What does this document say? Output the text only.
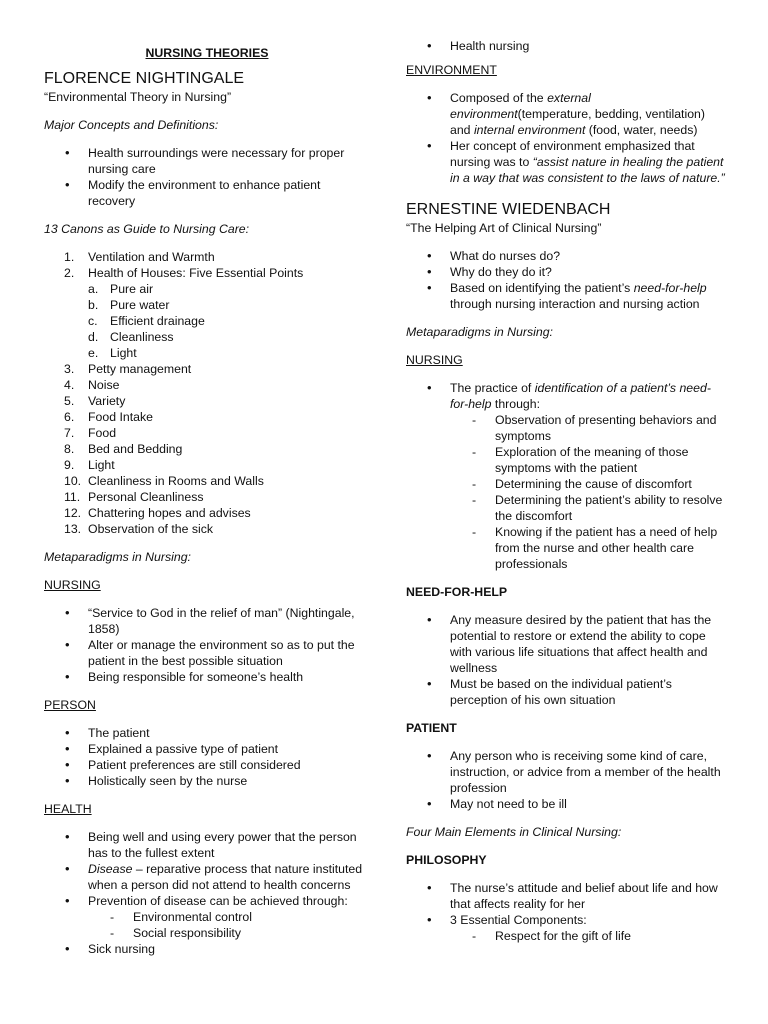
NURSING THEORIES
FLORENCE NIGHTINGALE
“Environmental Theory in Nursing”
Major Concepts and Definitions:
• Health surroundings were necessary for proper nursing care
• Modify the environment to enhance patient recovery
13 Canons as Guide to Nursing Care:
1. Ventilation and Warmth
2. Health of Houses: Five Essential Points
a. Pure air
b. Pure water
c. Efficient drainage
d. Cleanliness
e. Light
3. Petty management
4. Noise
5. Variety
6. Food Intake
7. Food
8. Bed and Bedding
9. Light
10. Cleanliness in Rooms and Walls
11. Personal Cleanliness
12. Chattering hopes and advises
13. Observation of the sick
Metaparadigms in Nursing:
NURSING
• “Service to God in the relief of man” (Nightingale, 1858)
• Alter or manage the environment so as to put the patient in the best possible situation
• Being responsible for someone’s health
PERSON
• The patient
• Explained a passive type of patient
• Patient preferences are still considered
• Holistically seen by the nurse
HEALTH
• Being well and using every power that the person has to the fullest extent
• Disease – reparative process that nature instituted when a person did not attend to health concerns
• Prevention of disease can be achieved through:
- Environmental control
- Social responsibility
• Sick nursing
• Health nursing
ENVIRONMENT
• Composed of the external environment(temperature, bedding, ventilation) and internal environment (food, water, needs)
• Her concept of environment emphasized that nursing was to “assist nature in healing the patient in a way that was consistent to the laws of nature.”
ERNESTINE WIEDENBACH
“The Helping Art of Clinical Nursing”
• What do nurses do?
• Why do they do it?
• Based on identifying the patient’s need-for-help through nursing interaction and nursing action
Metaparadigms in Nursing:
NURSING
• The practice of identification of a patient’s need-for-help through:
- Observation of presenting behaviors and symptoms
- Exploration of the meaning of those symptoms with the patient
- Determining the cause of discomfort
- Determining the patient’s ability to resolve the discomfort
- Knowing if the patient has a need of help from the nurse and other health care professionals
NEED-FOR-HELP
• Any measure desired by the patient that has the potential to restore or extend the ability to cope with various life situations that affect health and wellness
• Must be based on the individual patient’s perception of his own situation
PATIENT
• Any person who is receiving some kind of care, instruction, or advice from a member of the health profession
• May not need to be ill
Four Main Elements in Clinical Nursing:
PHILOSOPHY
• The nurse’s attitude and belief about life and how that affects reality for her
• 3 Essential Components:
- Respect for the gift of life
